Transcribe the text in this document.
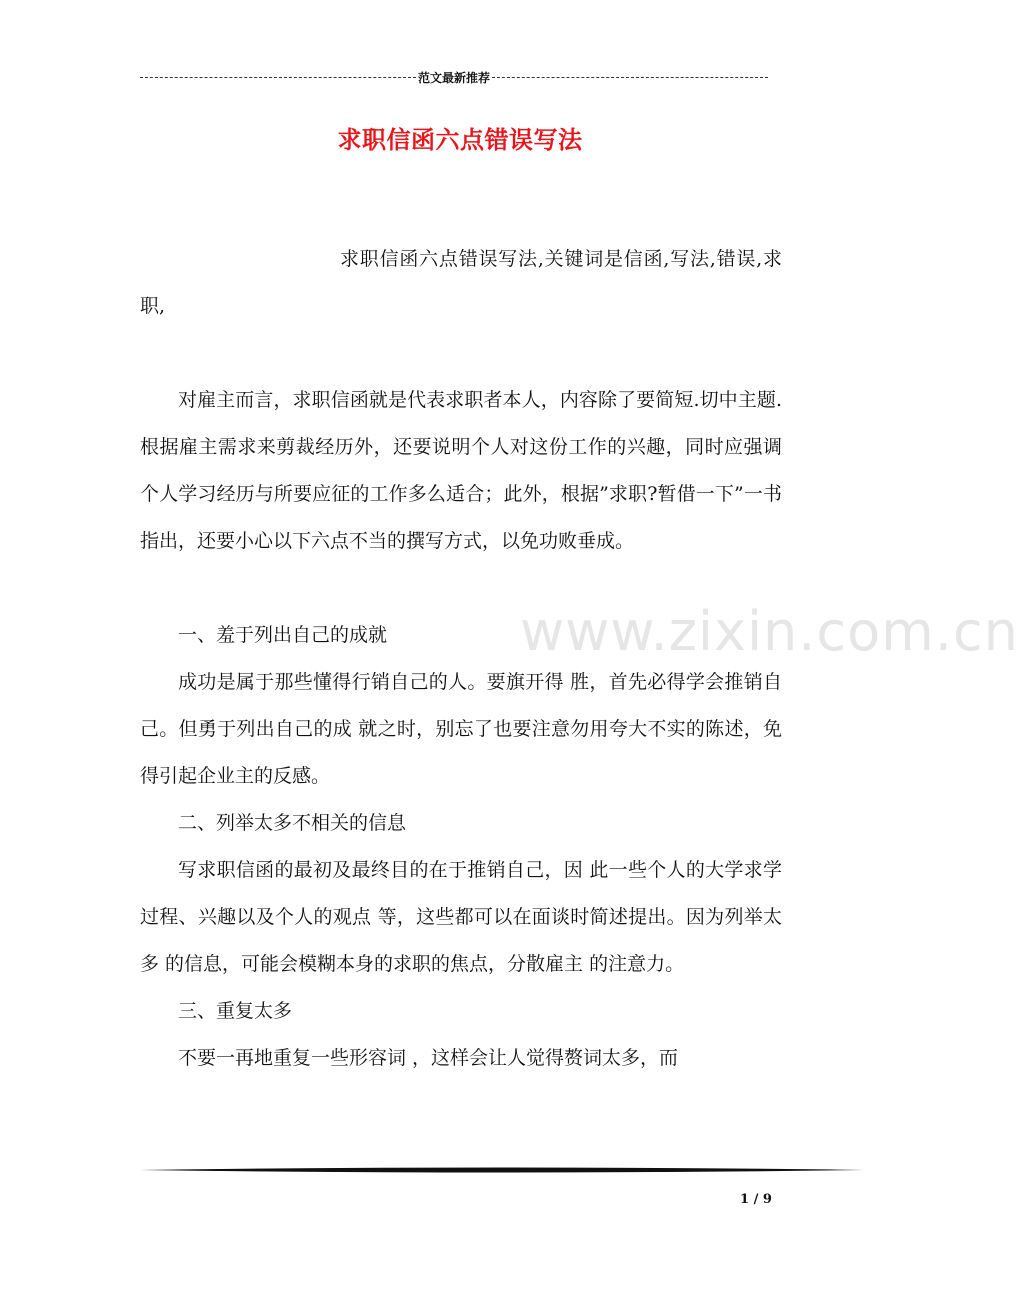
范文最新推荐
求职信函六点错误写法
www.zixin.com.cn

求职信函六点错误写法,关键词是信函,写法,错误,求职,

对雇主而言，求职信函就是代表求职者本人，内容除了要简短.切中主题.根据雇主需求来剪裁经历外，还要说明个人对这份工作的兴趣，同时应强调个人学习经历与所要应征的工作多么适合；此外，根据”求职?暂借一下”一书指出，还要小心以下六点不当的撰写方式，以免功败垂成。

一、羞于列出自己的成就

成功是属于那些懂得行销自己的人。要旗开得 胜，首先必得学会推销自己。但勇于列出自己的成 就之时，别忘了也要注意勿用夸大不实的陈述，免 得引起企业主的反感。

二、列举太多不相关的信息

写求职信函的最初及最终目的在于推销自己，因 此一些个人的大学求学过程、兴趣以及个人的观点 等，这些都可以在面谈时简述提出。因为列举太多 的信息，可能会模糊本身的求职的焦点，分散雇主 的注意力。

三、重复太多

不要一再地重复一些形容词 ，这样会让人觉得赘词太多，而

1 / 9
